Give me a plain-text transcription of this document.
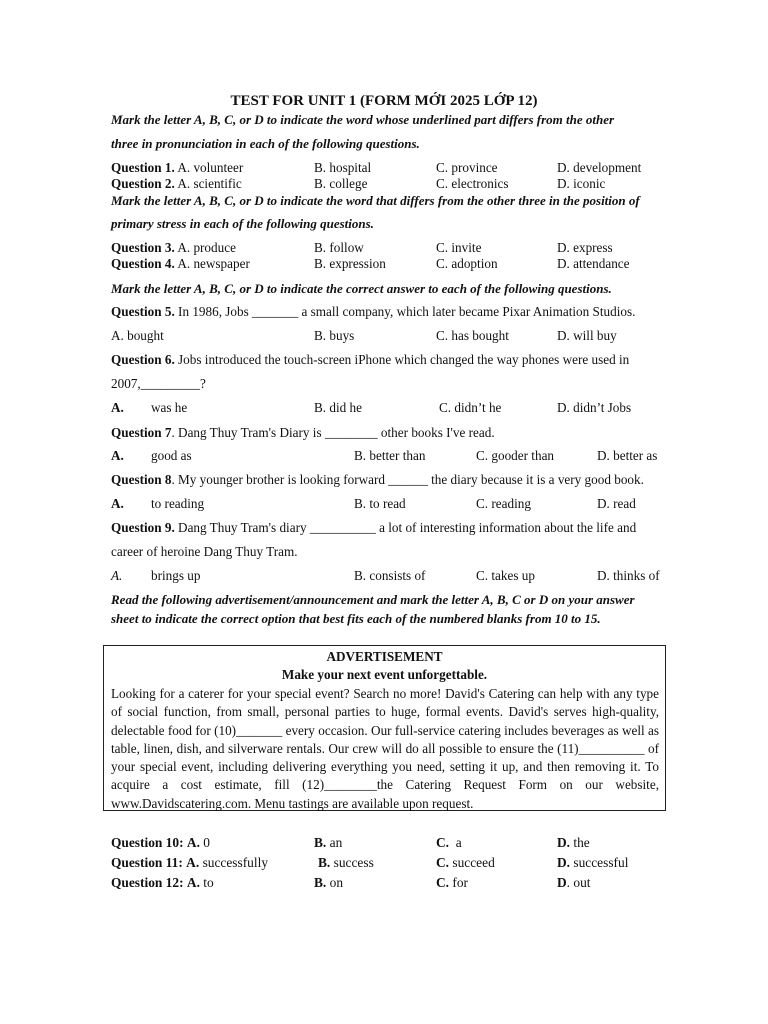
TEST FOR UNIT 1 (FORM MỚI 2025 LỚP 12)
Mark the letter A, B, C, or D to indicate the word whose underlined part differs from the other
three in pronunciation in each of the following questions.
Question 1. A. volunteer	B. hospital	C. province	D. development
Question 2. A. scientific	B. college	C. electronics	D. iconic
Mark the letter A, B, C, or D to indicate the word that differs from the other three in the position of
primary stress in each of the following questions.
Question 3. A. produce	B. follow	C. invite	D. express
Question 4. A. newspaper	B. expression	C. adoption	D. attendance
Mark the letter A, B, C, or D to indicate the correct answer to each of the following questions.
Question 5. In 1986, Jobs _______ a small company, which later became Pixar Animation Studios.
A. bought	B. buys	C. has bought	D. will buy
Question 6. Jobs introduced the touch-screen iPhone which changed the way phones were used in
2007,_________?
A. was he	B. did he	C. didn’t he	D. didn’t Jobs
Question 7. Dang Thuy Tram's Diary is ________ other books I've read.
A. good as	B. better than	C. gooder than	D. better as
Question 8. My younger brother is looking forward ______ the diary because it is a very good book.
A. to reading	B. to read	C. reading	D. read
Question 9. Dang Thuy Tram's diary __________ a lot of interesting information about the life and
career of heroine Dang Thuy Tram.
A. brings up	B. consists of	C. takes up	D. thinks of
Read the following advertisement/announcement and mark the letter A, B, C or D on your answer
sheet to indicate the correct option that best fits each of the numbered blanks from 10 to 15.
ADVERTISEMENT
Make your next event unforgettable.
Looking for a caterer for your special event? Search no more! David's Catering can help with any type of social function, from small, personal parties to huge, formal events. David's serves high-quality, delectable food for (10)_______ every occasion. Our full-service catering includes beverages as well as table, linen, dish, and silverware rentals. Our crew will do all possible to ensure the (11)__________ of your special event, including delivering everything you need, setting it up, and then removing it. To acquire a cost estimate, fill (12)________the Catering Request Form on our website, www.Davidscatering.com. Menu tastings are available upon request.
Question 10: A. 0	B. an	C. a	D. the
Question 11: A. successfully	B. success	C. succeed	D. successful
Question 12: A. to	B. on	C. for	D. out
